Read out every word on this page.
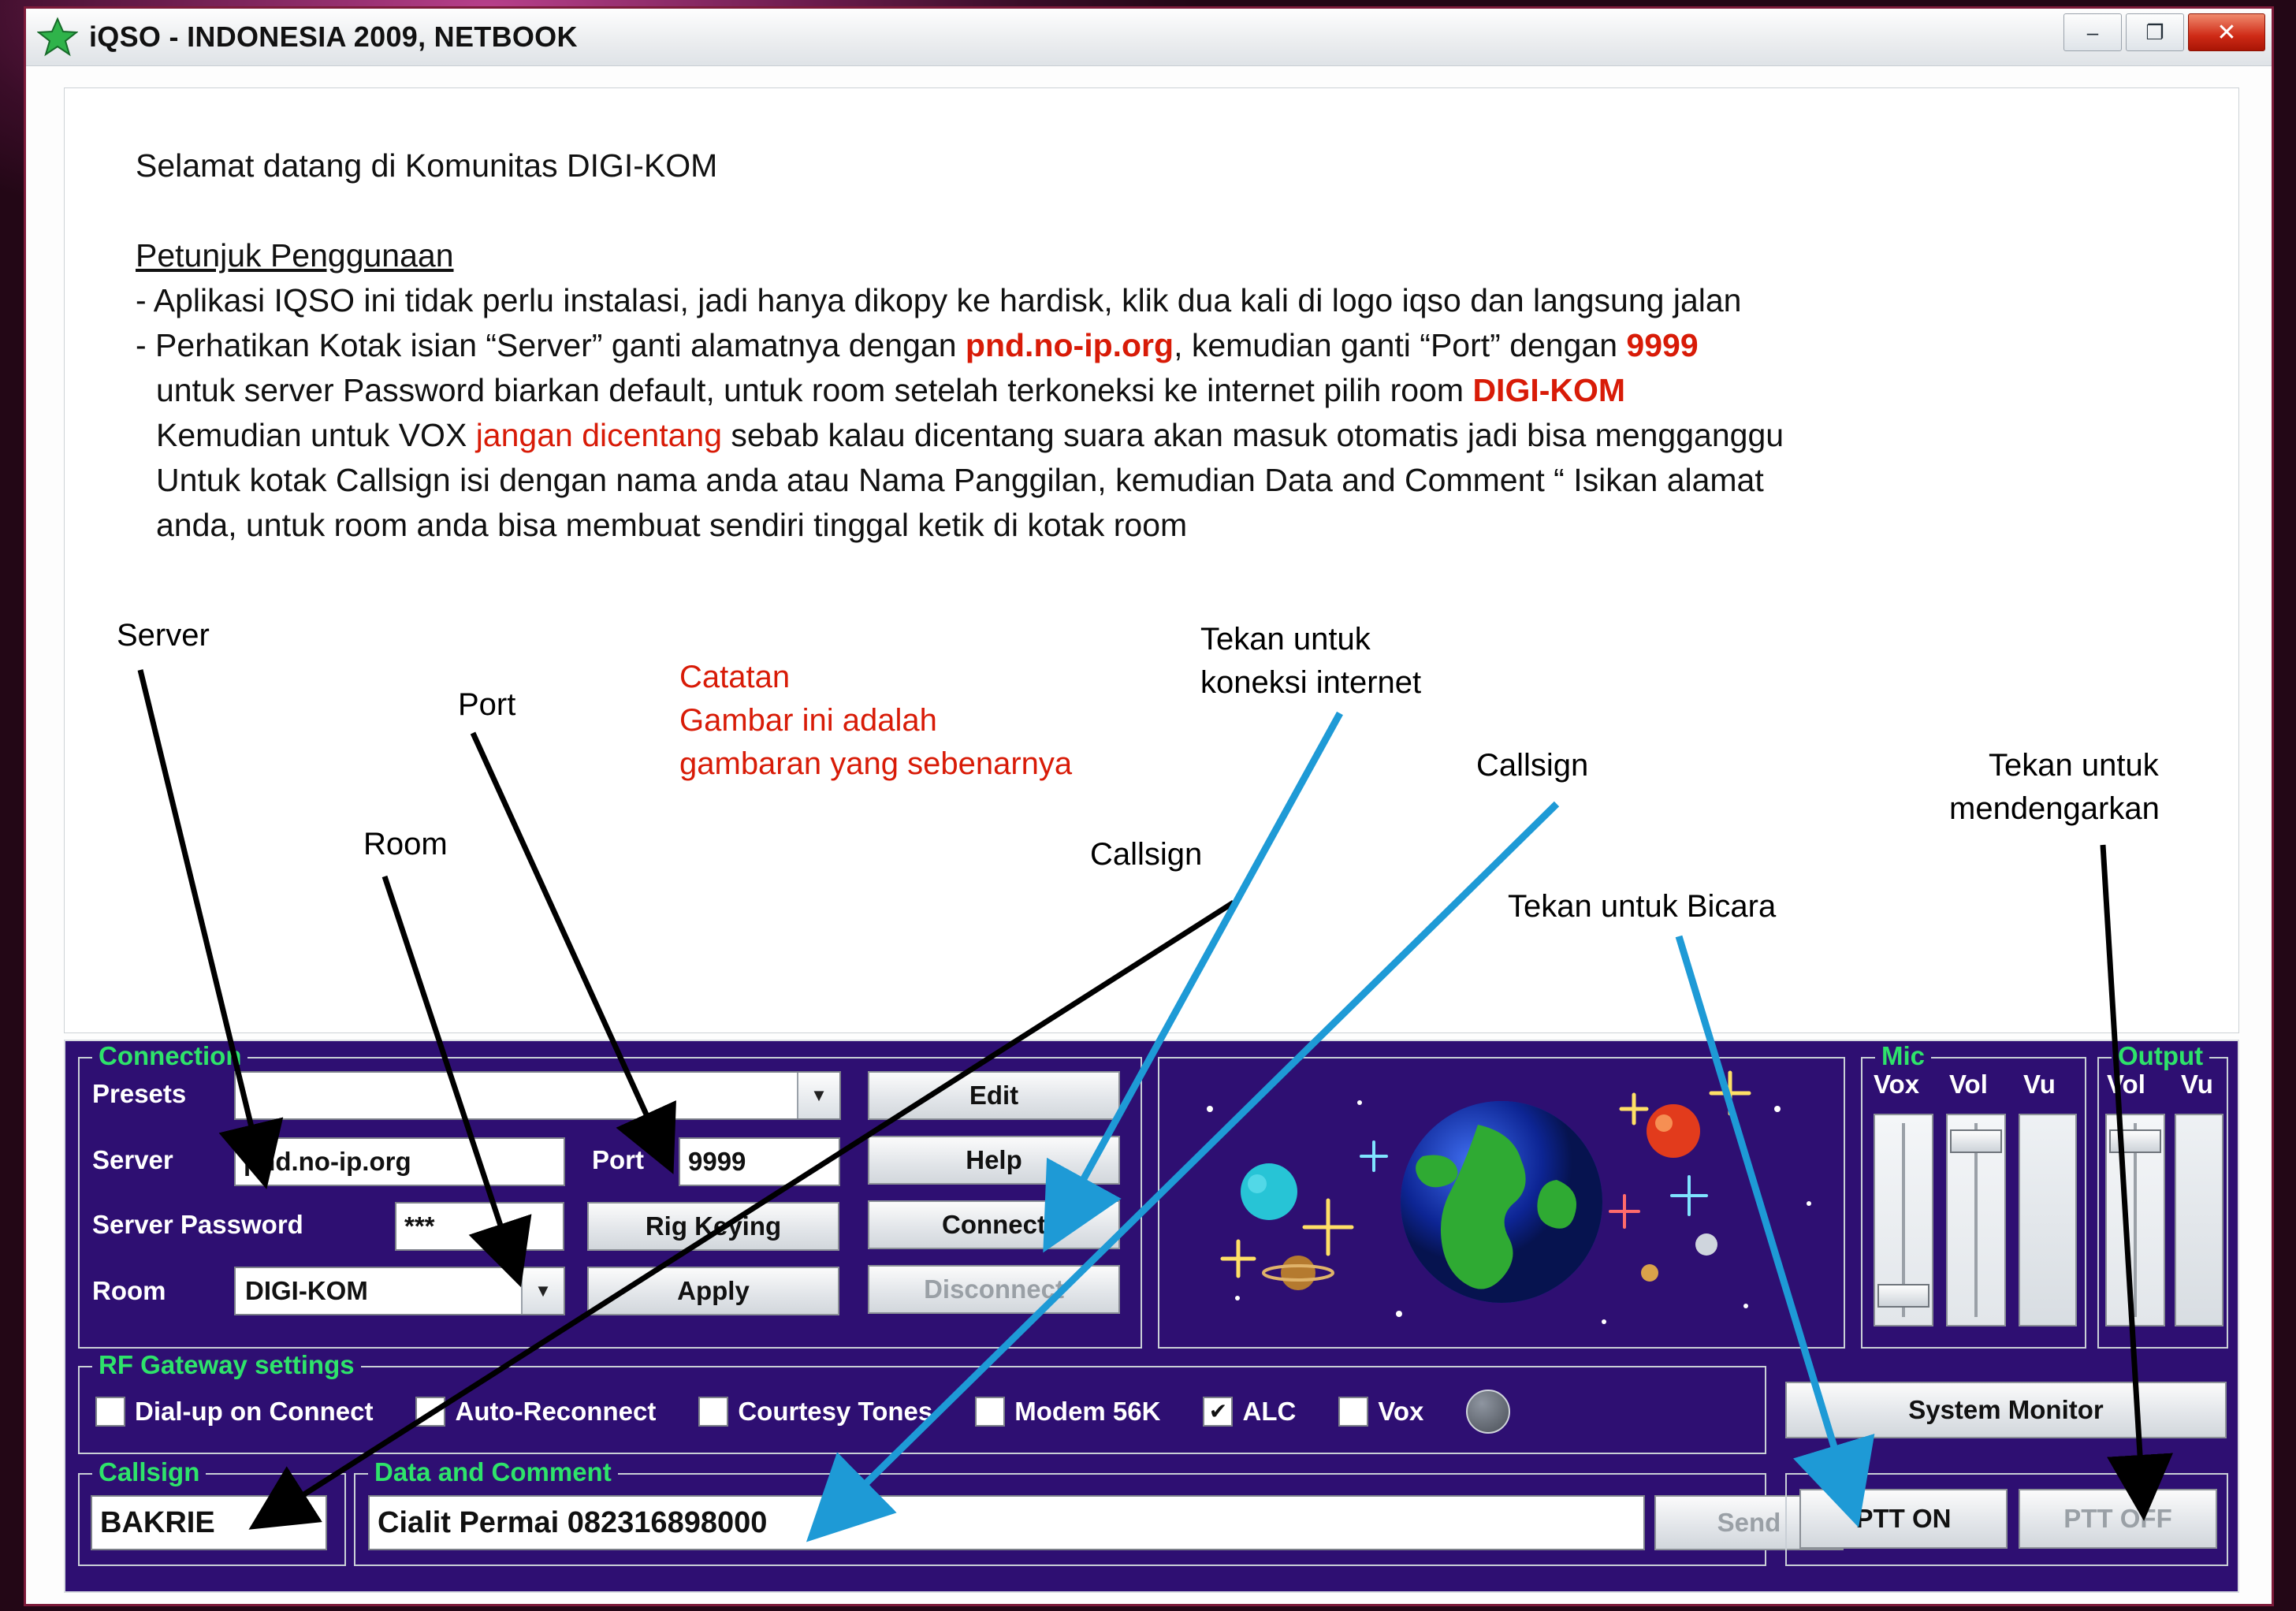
iQSO - INDONESIA 2009, NETBOOK	–	❐	✕
Selamat datang di Komunitas DIGI-KOM
Petunjuk Penggunaan
- Aplikasi IQSO ini tidak perlu instalasi, jadi hanya dikopy ke hardisk, klik dua kali di logo iqso dan langsung jalan
- Perhatikan Kotak isian “Server” ganti alamatnya dengan pnd.no-ip.org, kemudian ganti “Port” dengan 9999
untuk server Password biarkan default, untuk room setelah terkoneksi ke internet pilih room DIGI-KOM
Kemudian untuk VOX jangan dicentang sebab kalau dicentang suara akan masuk otomatis jadi bisa mengganggu
Untuk kotak Callsign isi dengan nama anda atau Nama Panggilan, kemudian Data and Comment “ Isikan alamat
anda, untuk room anda bisa membuat sendiri tinggal ketik di kotak room
Catatan
Gambar ini adalah
gambaran yang sebenarnya
Server
Port
Room	Callsign
Tekan untuk
koneksi internet
Callsign
Tekan untuk Bicara
Tekan untuk
mendengarkan
Connection
Presets	▼
Server	pnd.no-ip.org	Port	9999
Server Password	***
Room	DIGI-KOM	▼
Rig Keying
Apply
Edit
Help
Connect
Disconnect
Mic
Vox Vol Vu
Output
Vol Vu
RF Gateway settings
Dial-up on Connect	Auto-Reconnect	Courtesy Tones	Modem 56K ✔ ALC	Vox	System Monitor
Callsign
BAKRIE
Data and Comment
Cialit Permai 082316898000	Send	PTT ON	PTT OFF
